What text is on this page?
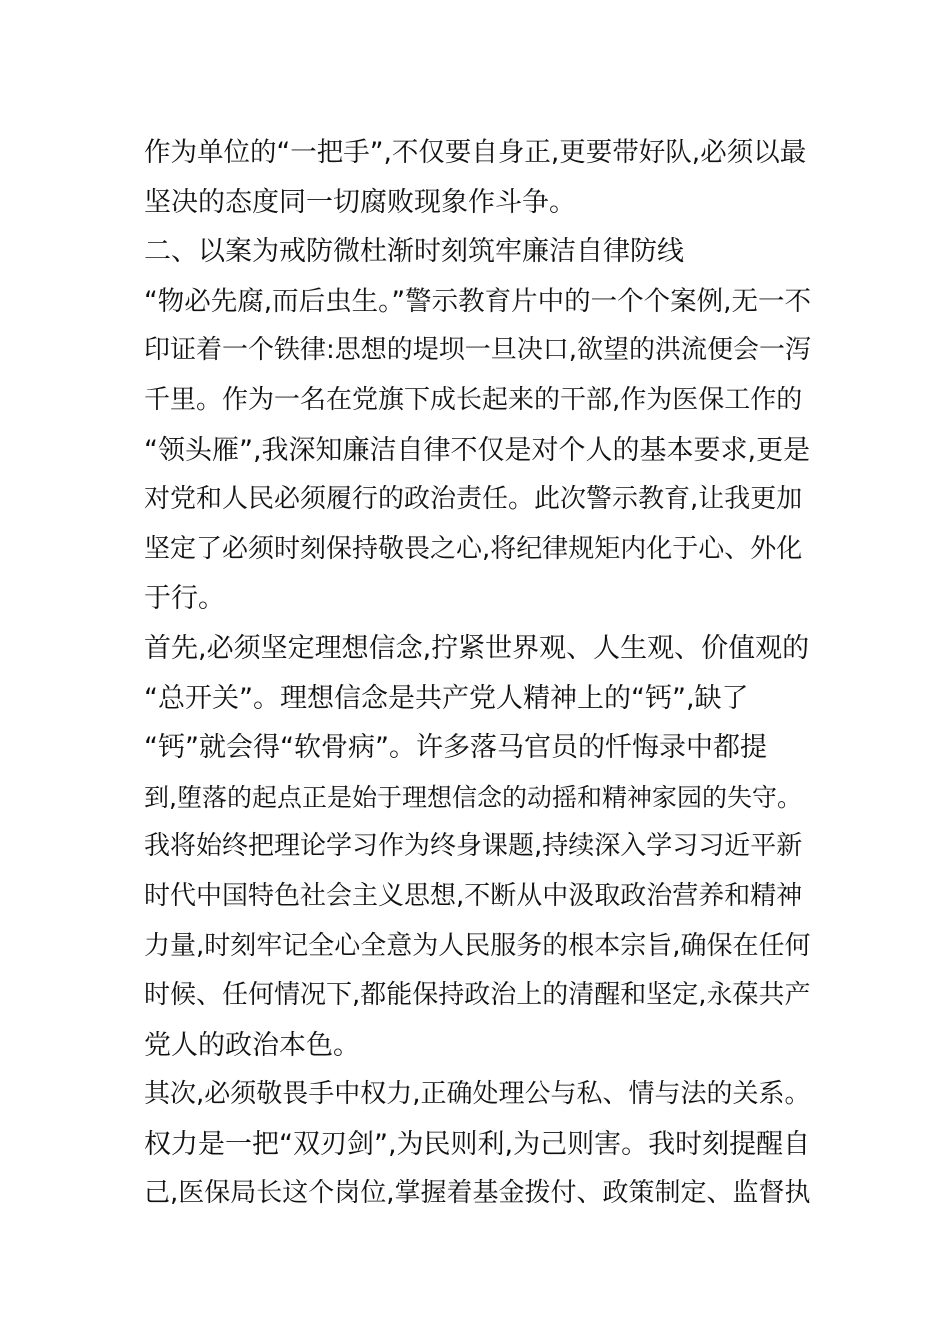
作为单位的“一把手”,不仅要自身正,更要带好队,必须以最
坚决的态度同一切腐败现象作斗争。
二、以案为戒防微杜渐时刻筑牢廉洁自律防线
“物必先腐,而后虫生。”警示教育片中的一个个案例,无一不
印证着一个铁律:思想的堤坝一旦决口,欲望的洪流便会一泻
千里。作为一名在党旗下成长起来的干部,作为医保工作的
“领头雁”,我深知廉洁自律不仅是对个人的基本要求,更是
对党和人民必须履行的政治责任。此次警示教育,让我更加
坚定了必须时刻保持敬畏之心,将纪律规矩内化于心、外化
于行。
首先,必须坚定理想信念,拧紧世界观、人生观、价值观的
“总开关”。理想信念是共产党人精神上的“钙”,缺了
“钙”就会得“软骨病”。许多落马官员的忏悔录中都提
到,堕落的起点正是始于理想信念的动摇和精神家园的失守。
我将始终把理论学习作为终身课题,持续深入学习习近平新
时代中国特色社会主义思想,不断从中汲取政治营养和精神
力量,时刻牢记全心全意为人民服务的根本宗旨,确保在任何
时候、任何情况下,都能保持政治上的清醒和坚定,永葆共产
党人的政治本色。
其次,必须敬畏手中权力,正确处理公与私、情与法的关系。
权力是一把“双刃剑”,为民则利,为己则害。我时刻提醒自
己,医保局长这个岗位,掌握着基金拨付、政策制定、监督执
